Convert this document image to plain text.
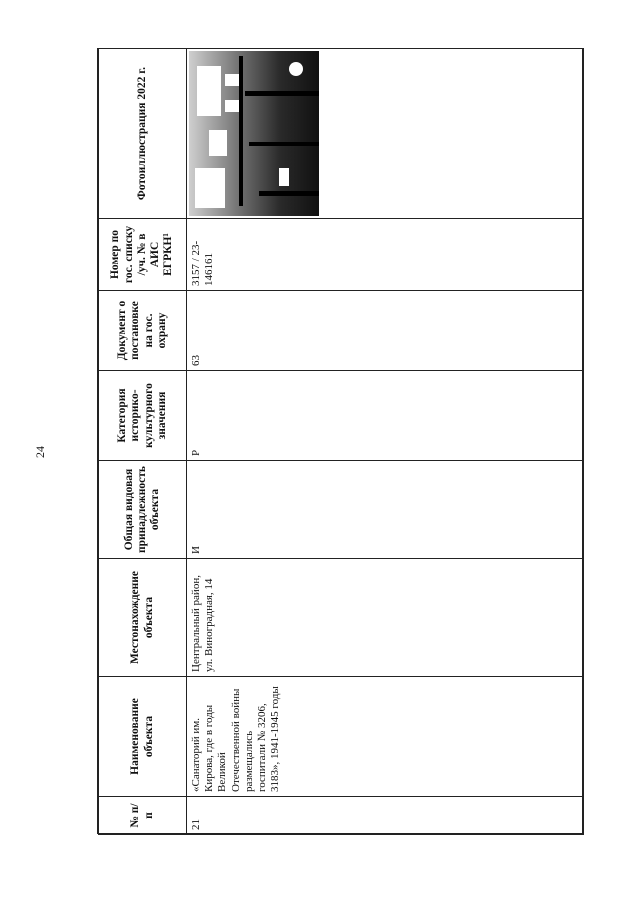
24
№ п/п	Наименование объекта	Местонахождение объекта	Общая видовая принадлежность объекта	Категория историко-культурного значения	Документ о постановке на гос. охрану	Номер по гос. списку /уч. № в АИС ЕГРКН¹	Фотоиллюстрация 2022 г.
21	«Санаторий им. Кирова, где в годы Великой Отечественной войны размещались госпитали № 3206, 3183», 1941-1945 годы	Центральный район, ул. Виноградная, 14	И	Р	63	3157 / 23-146161	
